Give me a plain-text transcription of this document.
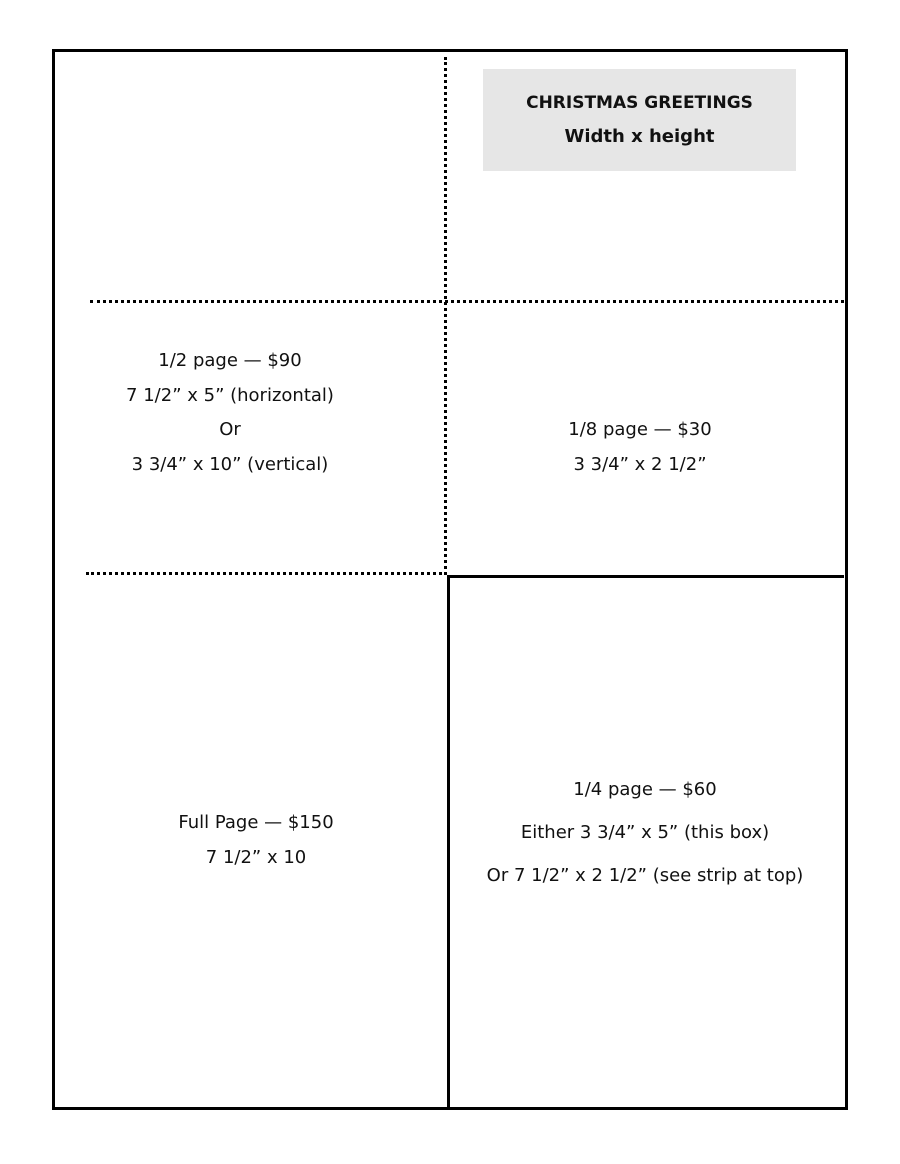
CHRISTMAS GREETINGS
Width x height
1/2 page — $90
7 1/2” x 5” (horizontal)
Or
3 3/4” x 10” (vertical)
1/8 page — $30
3 3/4” x 2 1/2”
Full Page — $150
7 1/2” x 10
1/4 page — $60
Either 3 3/4” x 5” (this box)
Or 7 1/2” x 2 1/2” (see strip at top)
